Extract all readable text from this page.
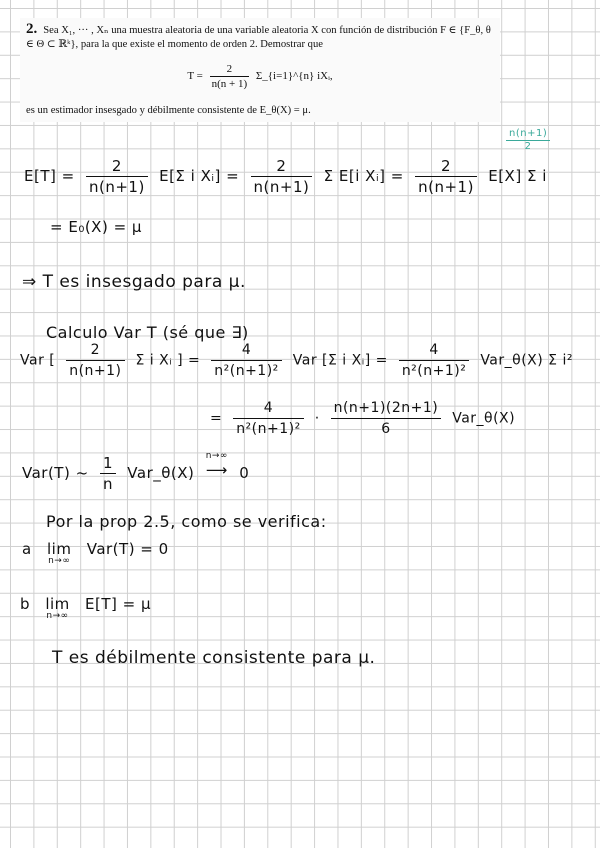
2. Sea X₁, ··· , Xₙ una muestra aleatoria de una variable aleatoria X con función de distribución F ∈ {F_θ, θ ∈ Θ ⊂ ℝᵏ}, para la que existe el momento de orden 2. Demostrar que
$T = \frac{2}{n(n + 1)}$ Σ_{i=1}^{n} iXᵢ,
es un estimador insesgado y débilmente consistente de E_θ(X) = μ.
$\frac{n(n+1)}{2}$
$E[T] = \frac{2}{n(n+1)} E[\Sigma$ i Xᵢ] = $\frac{2}{n(n+1)}$ Σ E[i Xᵢ] = $\frac{2}{n(n+1)} E[X]$ Σ i
= E₀(X) = μ
⇒ T es insesgado para μ.
Calculo Var T (sé que ∃)
Var [ $\frac{2}{n(n+1)}$ Σ i Xᵢ ] = $\frac{4}{\text{n²(n+1)²}}$ Var [Σ i Xᵢ] = $\frac{4}{\text{n²(n+1)²}}$ Var_θ(X) Σ i²
= $\frac{4}{\text{n²(n+1)²}} \cdot \frac{n(n+1)(2n+1)}{6}$ Var_θ(X)
Var(T) ~ $\frac{1}{n}$ Var_θ(X)
n→∞
⟶ 0
Por la prop 2.5, como se verifica:
a lim
n→∞
Var(T) = 0
b lim
n→∞
E[T] = μ
T es débilmente consistente para μ.
